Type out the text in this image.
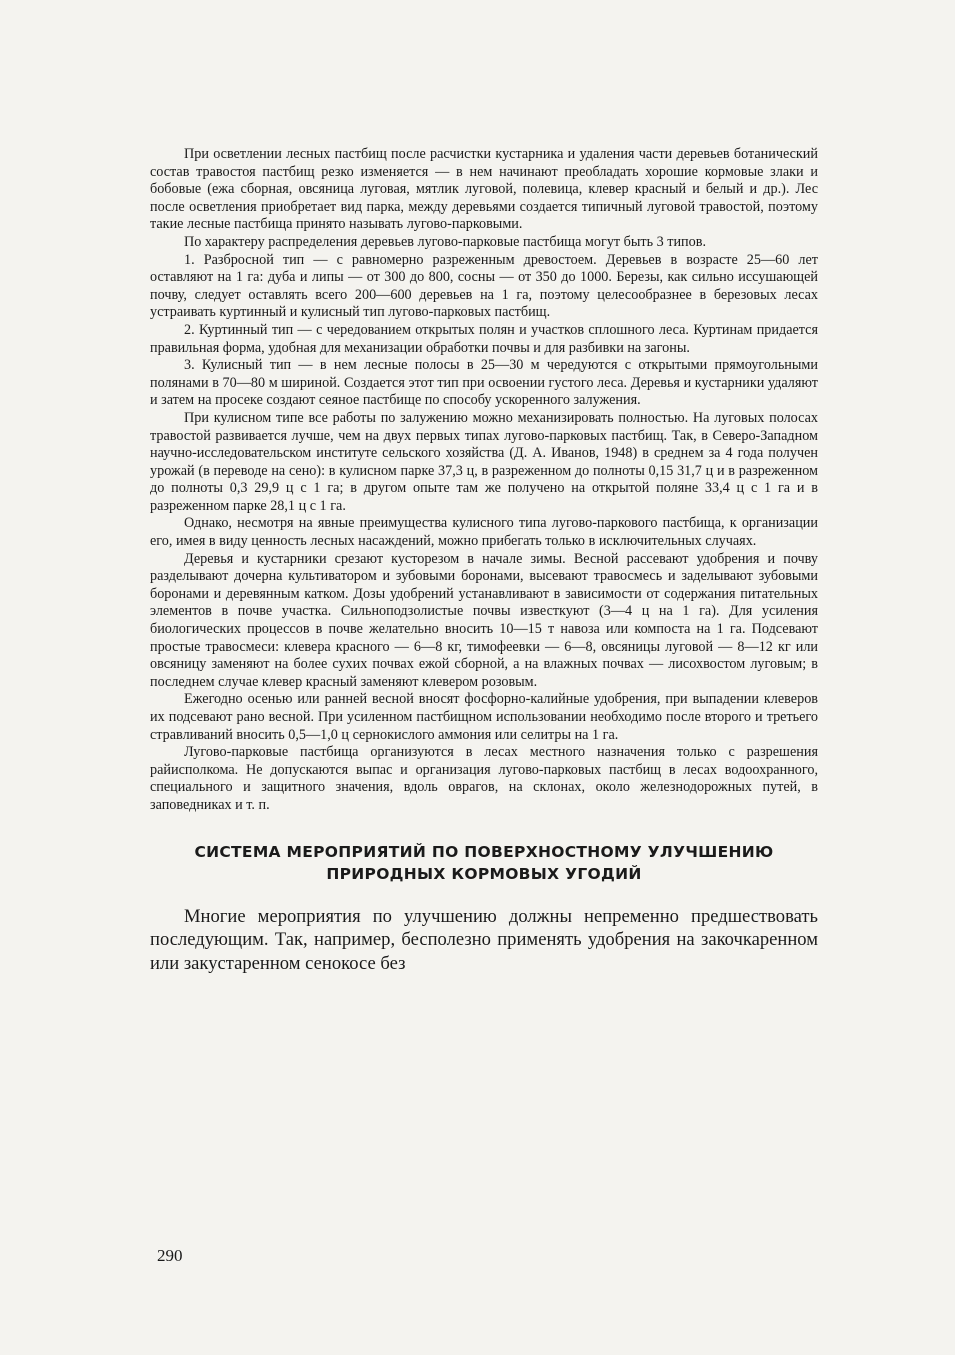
При осветлении лесных пастбищ после расчистки кустарника и удаления части деревьев ботанический состав травостоя пастбищ резко изменяется — в нем начинают преобладать хорошие кормовые злаки и бобовые (ежа сборная, овсяница луговая, мятлик луговой, полевица, клевер красный и белый и др.). Лес после осветления приобретает вид парка, между деревьями создается типичный луговой травостой, поэтому такие лесные пастбища принято называть лугово-парковыми.

По характеру распределения деревьев лугово-парковые пастбища могут быть 3 типов.

1. Разбросной тип — с равномерно разреженным древостоем. Деревьев в возрасте 25—60 лет оставляют на 1 га: дуба и липы — от 300 до 800, сосны — от 350 до 1000. Березы, как сильно иссушающей почву, следует оставлять всего 200—600 деревьев на 1 га, поэтому целесообразнее в березовых лесах устраивать куртинный и кулисный тип лугово-парковых пастбищ.

2. Куртинный тип — с чередованием открытых полян и участков сплошного леса. Куртинам придается правильная форма, удобная для механизации обработки почвы и для разбивки на загоны.

3. Кулисный тип — в нем лесные полосы в 25—30 м чередуются с открытыми прямоугольными полянами в 70—80 м шириной. Создается этот тип при освоении густого леса. Деревья и кустарники удаляют и затем на просеке создают сеяное пастбище по способу ускоренного залужения.

При кулисном типе все работы по залужению можно механизировать полностью. На луговых полосах травостой развивается лучше, чем на двух первых типах лугово-парковых пастбищ. Так, в Северо-Западном научно-исследовательском институте сельского хозяйства (Д. А. Иванов, 1948) в среднем за 4 года получен урожай (в переводе на сено): в кулисном парке 37,3 ц, в разреженном до полноты 0,15 31,7 ц и в разреженном до полноты 0,3 29,9 ц с 1 га; в другом опыте там же получено на открытой поляне 33,4 ц с 1 га и в разреженном парке 28,1 ц с 1 га.

Однако, несмотря на явные преимущества кулисного типа лугово-паркового пастбища, к организации его, имея в виду ценность лесных насаждений, можно прибегать только в исключительных случаях.

Деревья и кустарники срезают кусторезом в начале зимы. Весной рассевают удобрения и почву разделывают дочерна культиватором и зубовыми боронами, высевают травосмесь и заделывают зубовыми боронами и деревянным катком. Дозы удобрений устанавливают в зависимости от содержания питательных элементов в почве участка. Сильноподзолистые почвы известкуют (3—4 ц на 1 га). Для усиления биологических процессов в почве желательно вносить 10—15 т навоза или компоста на 1 га. Подсевают простые травосмеси: клевера красного — 6—8 кг, тимофеевки — 6—8, овсяницы луговой — 8—12 кг или овсяницу заменяют на более сухих почвах ежой сборной, а на влажных почвах — лисохвостом луговым; в последнем случае клевер красный заменяют клевером розовым.

Ежегодно осенью или ранней весной вносят фосфорно-калийные удобрения, при выпадении клеверов их подсевают рано весной. При усиленном пастбищном использовании необходимо после второго и третьего стравливаний вносить 0,5—1,0 ц сернокислого аммония или селитры на 1 га.

Лугово-парковые пастбища организуются в лесах местного назначения только с разрешения райисполкома. Не допускаются выпас и организация лугово-парковых пастбищ в лесах водоохранного, специального и защитного значения, вдоль оврагов, на склонах, около железнодорожных путей, в заповедниках и т. п.

СИСТЕМА МЕРОПРИЯТИЙ ПО ПОВЕРХНОСТНОМУ УЛУЧШЕНИЮ
ПРИРОДНЫХ КОРМОВЫХ УГОДИЙ

Многие мероприятия по улучшению должны непременно предшествовать последующим. Так, например, бесполезно применять удобрения на закочкаренном или закустаренном сенокосе без

290
